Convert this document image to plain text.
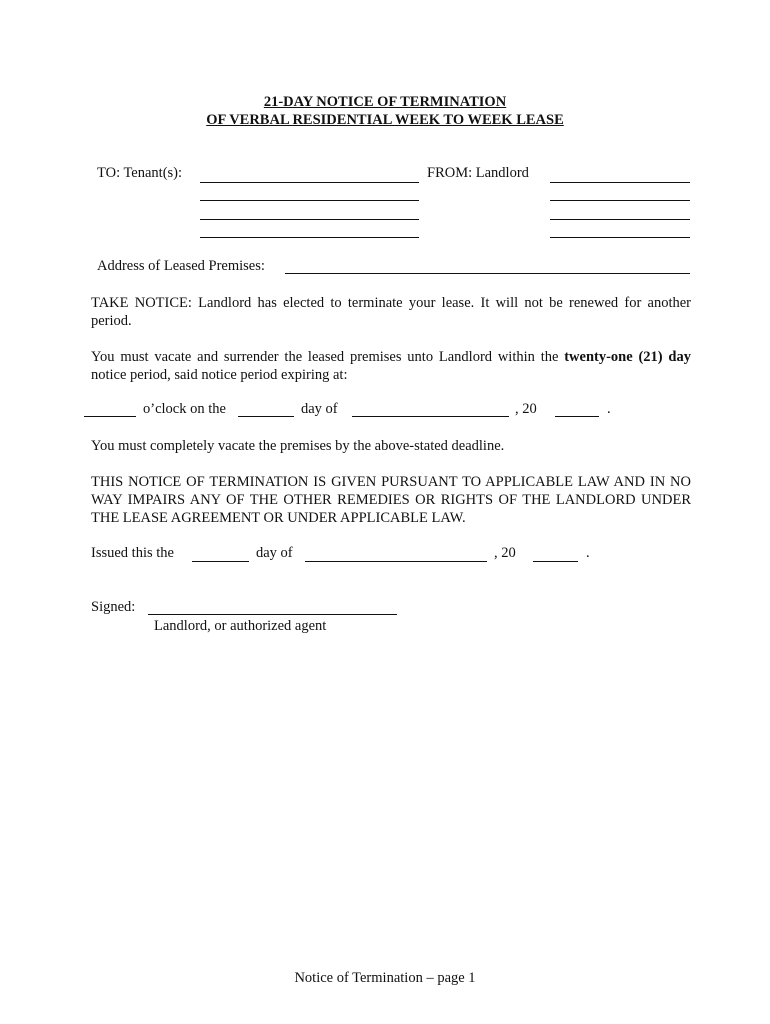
21-DAY NOTICE OF TERMINATION
OF VERBAL RESIDENTIAL WEEK TO WEEK LEASE
TO: Tenant(s):	FROM: Landlord
Address of Leased Premises:
TAKE NOTICE: Landlord has elected to terminate your lease. It will not be renewed for another period.
You must vacate and surrender the leased premises unto Landlord within the twenty-one (21) day notice period, said notice period expiring at:
o’clock on the	day of	, 20	.
You must completely vacate the premises by the above-stated deadline.
THIS NOTICE OF TERMINATION IS GIVEN PURSUANT TO APPLICABLE LAW AND IN NO WAY IMPAIRS ANY OF THE OTHER REMEDIES OR RIGHTS OF THE LANDLORD UNDER THE LEASE AGREEMENT OR UNDER APPLICABLE LAW.
Issued this the	day of	, 20	.
Signed:
Landlord, or authorized agent
Notice of Termination – page 1
